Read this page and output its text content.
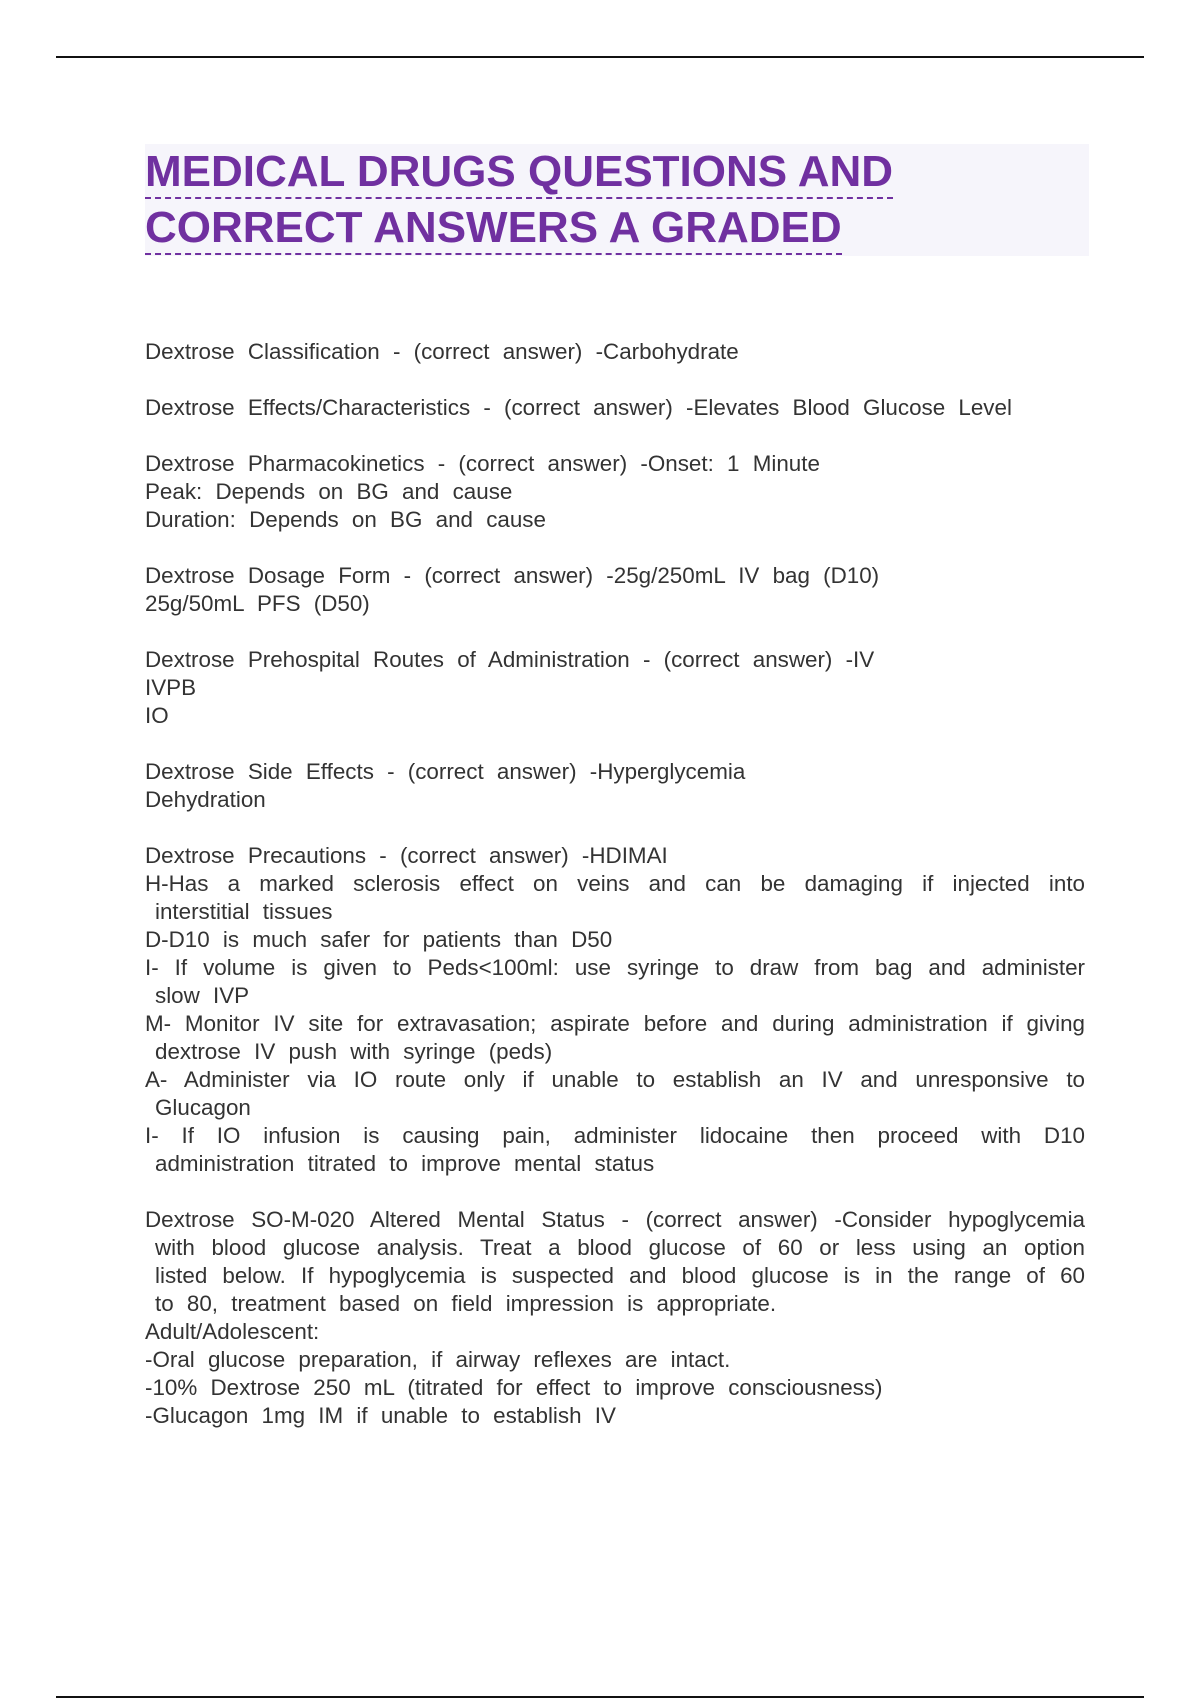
MEDICAL DRUGS QUESTIONS AND
CORRECT ANSWERS A GRADED
Dextrose Classification - (correct answer) -Carbohydrate
Dextrose Effects/Characteristics - (correct answer) -Elevates Blood Glucose Level
Dextrose Pharmacokinetics - (correct answer) -Onset: 1 Minute
Peak: Depends on BG and cause
Duration: Depends on BG and cause
Dextrose Dosage Form - (correct answer) -25g/250mL IV bag (D10)
25g/50mL PFS (D50)
Dextrose Prehospital Routes of Administration - (correct answer) -IV
IVPB
IO
Dextrose Side Effects - (correct answer) -Hyperglycemia
Dehydration
Dextrose Precautions - (correct answer) -HDIMAI
H-Has a marked sclerosis effect on veins and can be damaging if injected into interstitial tissues
D-D10 is much safer for patients than D50
I- If volume is given to Peds<100ml: use syringe to draw from bag and administer slow IVP
M- Monitor IV site for extravasation; aspirate before and during administration if giving dextrose IV push with syringe (peds)
A- Administer via IO route only if unable to establish an IV and unresponsive to Glucagon
I- If IO infusion is causing pain, administer lidocaine then proceed with D10 administration titrated to improve mental status
Dextrose SO-M-020 Altered Mental Status - (correct answer) -Consider hypoglycemia with blood glucose analysis. Treat a blood glucose of 60 or less using an option listed below. If hypoglycemia is suspected and blood glucose is in the range of 60 to 80, treatment based on field impression is appropriate.
Adult/Adolescent:
-Oral glucose preparation, if airway reflexes are intact.
-10% Dextrose 250 mL (titrated for effect to improve consciousness)
-Glucagon 1mg IM if unable to establish IV
